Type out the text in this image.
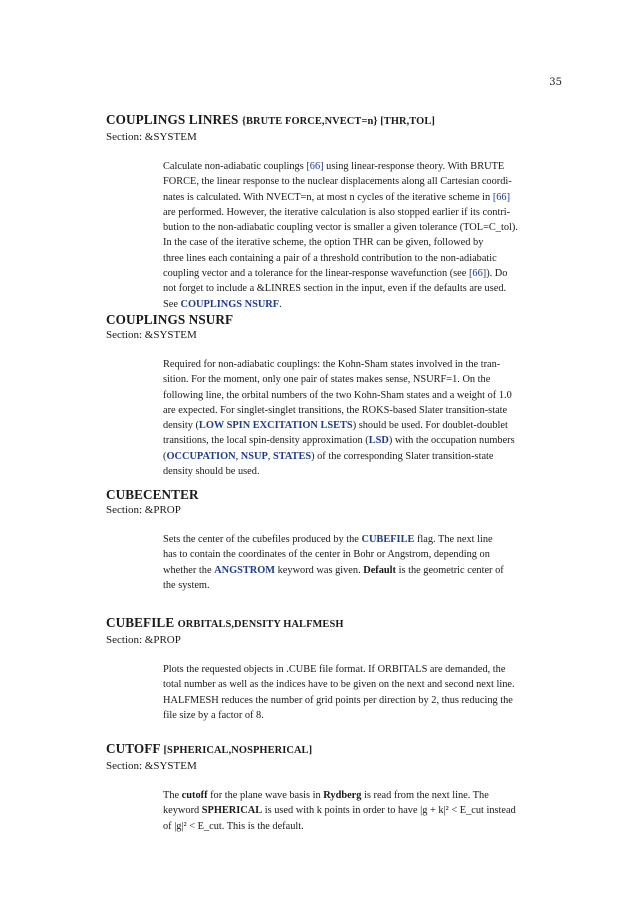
35
COUPLINGS LINRES {BRUTE FORCE,NVECT=n} [THR,TOL]
Section: &SYSTEM
Calculate non-adiabatic couplings [66] using linear-response theory. With BRUTE
FORCE, the linear response to the nuclear displacements along all Cartesian coordi-
nates is calculated. With NVECT=n, at most n cycles of the iterative scheme in [66]
are performed. However, the iterative calculation is also stopped earlier if its contri-
bution to the non-adiabatic coupling vector is smaller a given tolerance (TOL=C_tol).
In the case of the iterative scheme, the option THR can be given, followed by
three lines each containing a pair of a threshold contribution to the non-adiabatic
coupling vector and a tolerance for the linear-response wavefunction (see [66]). Do
not forget to include a &LINRES section in the input, even if the defaults are used.
See COUPLINGS NSURF.
COUPLINGS NSURF
Section: &SYSTEM
Required for non-adiabatic couplings: the Kohn-Sham states involved in the tran-
sition. For the moment, only one pair of states makes sense, NSURF=1. On the
following line, the orbital numbers of the two Kohn-Sham states and a weight of 1.0
are expected. For singlet-singlet transitions, the ROKS-based Slater transition-state
density (LOW SPIN EXCITATION LSETS) should be used. For doublet-doublet
transitions, the local spin-density approximation (LSD) with the occupation numbers
(OCCUPATION, NSUP, STATES) of the corresponding Slater transition-state
density should be used.
CUBECENTER
Section: &PROP
Sets the center of the cubefiles produced by the CUBEFILE flag. The next line
has to contain the coordinates of the center in Bohr or Angstrom, depending on
whether the ANGSTROM keyword was given. Default is the geometric center of
the system.
CUBEFILE ORBITALS,DENSITY HALFMESH
Section: &PROP
Plots the requested objects in .CUBE file format. If ORBITALS are demanded, the
total number as well as the indices have to be given on the next and second next line.
HALFMESH reduces the number of grid points per direction by 2, thus reducing the
file size by a factor of 8.
CUTOFF [SPHERICAL,NOSPHERICAL]
Section: &SYSTEM
The cutoff for the plane wave basis in Rydberg is read from the next line. The
keyword SPHERICAL is used with k points in order to have |g + k|² < E_cut instead
of |g|² < E_cut. This is the default.
